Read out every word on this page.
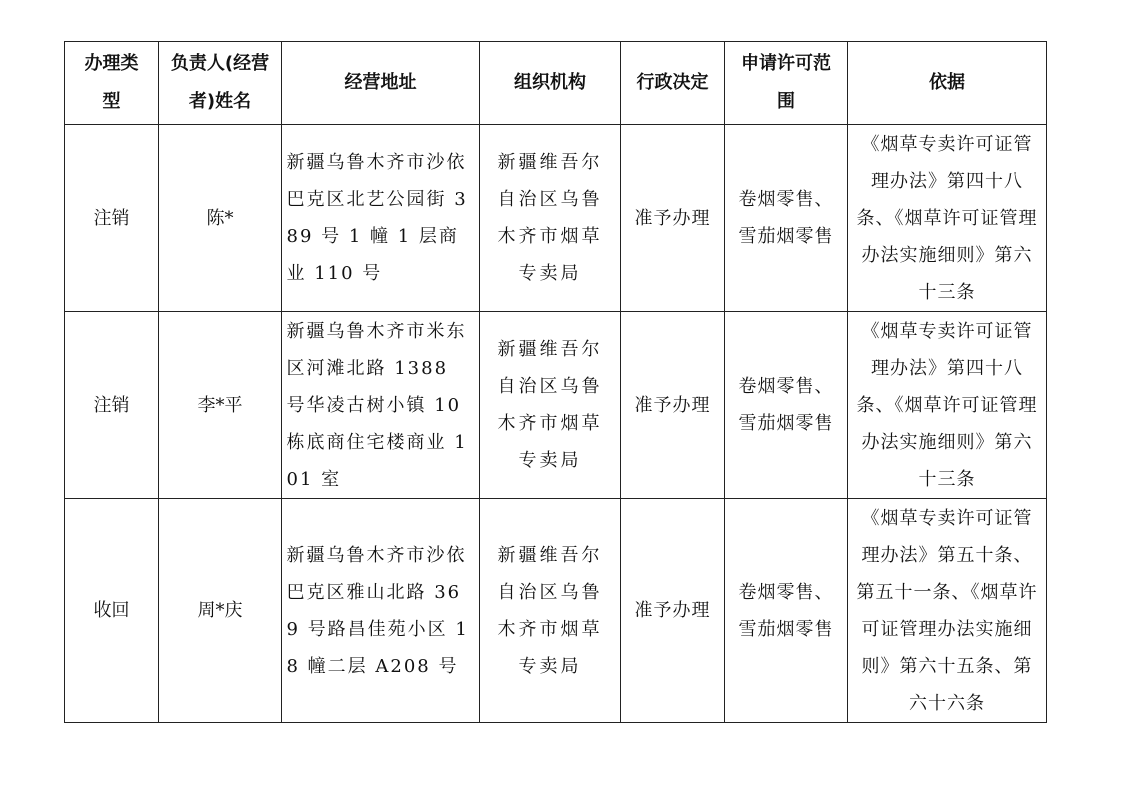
办理类型	负责人(经营者)姓名	经营地址	组织机构	行政决定	申请许可范围	依据
注销	陈*	新疆乌鲁木齐市沙依巴克区北艺公园街 389 号 1 幢 1 层商业 110 号	新疆维吾尔自治区乌鲁木齐市烟草专卖局	准予办理	卷烟零售、雪茄烟零售	《烟草专卖许可证管理办法》第四十八条、《烟草许可证管理办法实施细则》第六十三条
注销	李*平	新疆乌鲁木齐市米东区河滩北路 1388 号华凌古树小镇 10 栋底商住宅楼商业 101 室	新疆维吾尔自治区乌鲁木齐市烟草专卖局	准予办理	卷烟零售、雪茄烟零售	《烟草专卖许可证管理办法》第四十八条、《烟草许可证管理办法实施细则》第六十三条
收回	周*庆	新疆乌鲁木齐市沙依巴克区雅山北路 369 号路昌佳苑小区 18 幢二层 A208 号	新疆维吾尔自治区乌鲁木齐市烟草专卖局	准予办理	卷烟零售、雪茄烟零售	《烟草专卖许可证管理办法》第五十条、第五十一条、《烟草许可证管理办法实施细则》第六十五条、第六十六条
